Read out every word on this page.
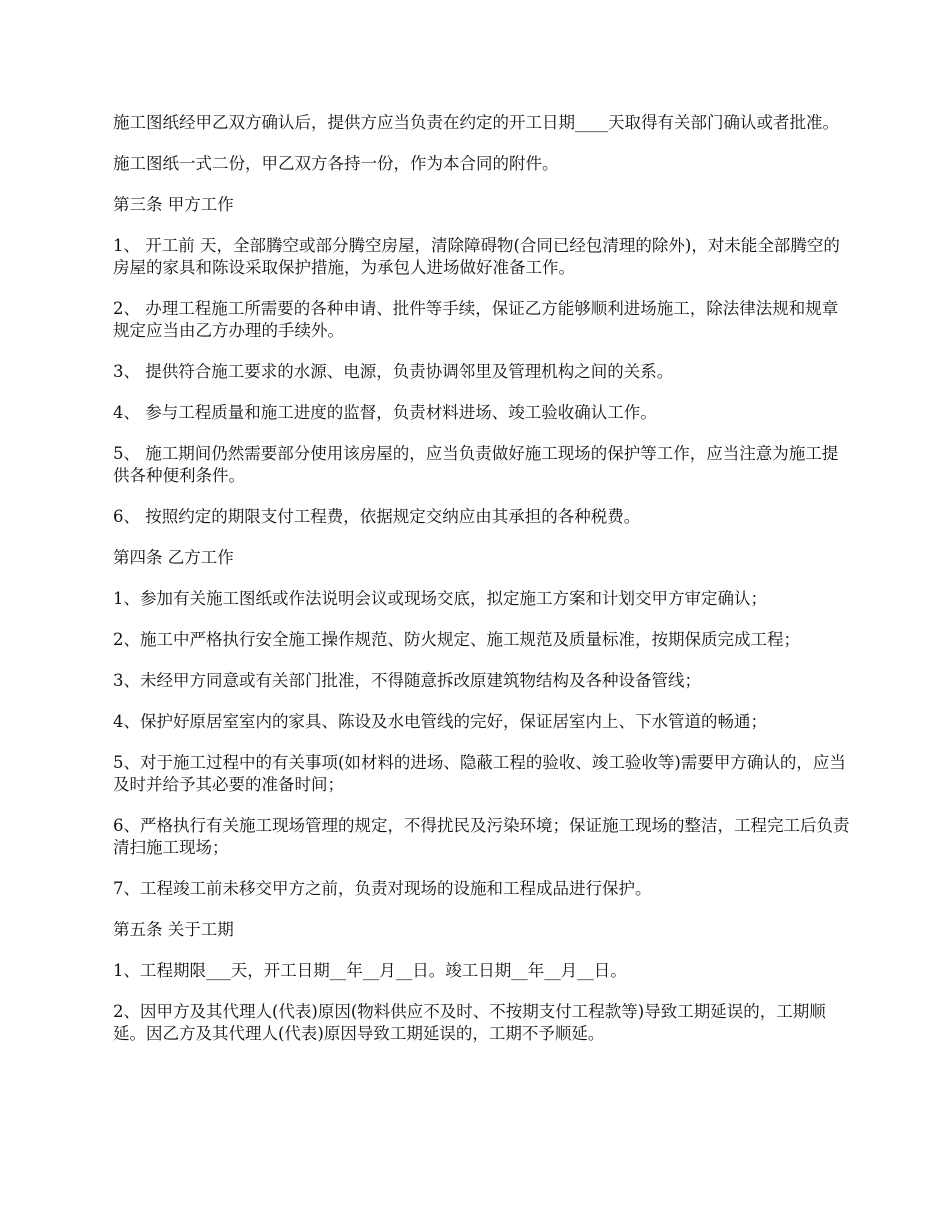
施工图纸经甲乙双方确认后，提供方应当负责在约定的开工日期____天取得有关部门确认或者批准。

施工图纸一式二份，甲乙双方各持一份，作为本合同的附件。

第三条 甲方工作

1、 开工前 天，全部腾空或部分腾空房屋，清除障碍物(合同已经包清理的除外)，对未能全部腾空的房屋的家具和陈设采取保护措施，为承包人进场做好准备工作。

2、 办理工程施工所需要的各种申请、批件等手续，保证乙方能够顺利进场施工，除法律法规和规章规定应当由乙方办理的手续外。

3、 提供符合施工要求的水源、电源，负责协调邻里及管理机构之间的关系。

4、 参与工程质量和施工进度的监督，负责材料进场、竣工验收确认工作。

5、 施工期间仍然需要部分使用该房屋的，应当负责做好施工现场的保护等工作，应当注意为施工提供各种便利条件。

6、 按照约定的期限支付工程费，依据规定交纳应由其承担的各种税费。

第四条 乙方工作

1、参加有关施工图纸或作法说明会议或现场交底，拟定施工方案和计划交甲方审定确认；

2、施工中严格执行安全施工操作规范、防火规定、施工规范及质量标准，按期保质完成工程；

3、未经甲方同意或有关部门批准，不得随意拆改原建筑物结构及各种设备管线；

4、保护好原居室室内的家具、陈设及水电管线的完好，保证居室内上、下水管道的畅通；

5、对于施工过程中的有关事项(如材料的进场、隐蔽工程的验收、竣工验收等)需要甲方确认的，应当及时并给予其必要的准备时间；

6、严格执行有关施工现场管理的规定，不得扰民及污染环境；保证施工现场的整洁，工程完工后负责清扫施工现场；

7、工程竣工前未移交甲方之前，负责对现场的设施和工程成品进行保护。

第五条 关于工期

1、工程期限___天，开工日期__年__月__日。竣工日期__年__月__日。

2、因甲方及其代理人(代表)原因(物料供应不及时、不按期支付工程款等)导致工期延误的，工期顺延。因乙方及其代理人(代表)原因导致工期延误的，工期不予顺延。
